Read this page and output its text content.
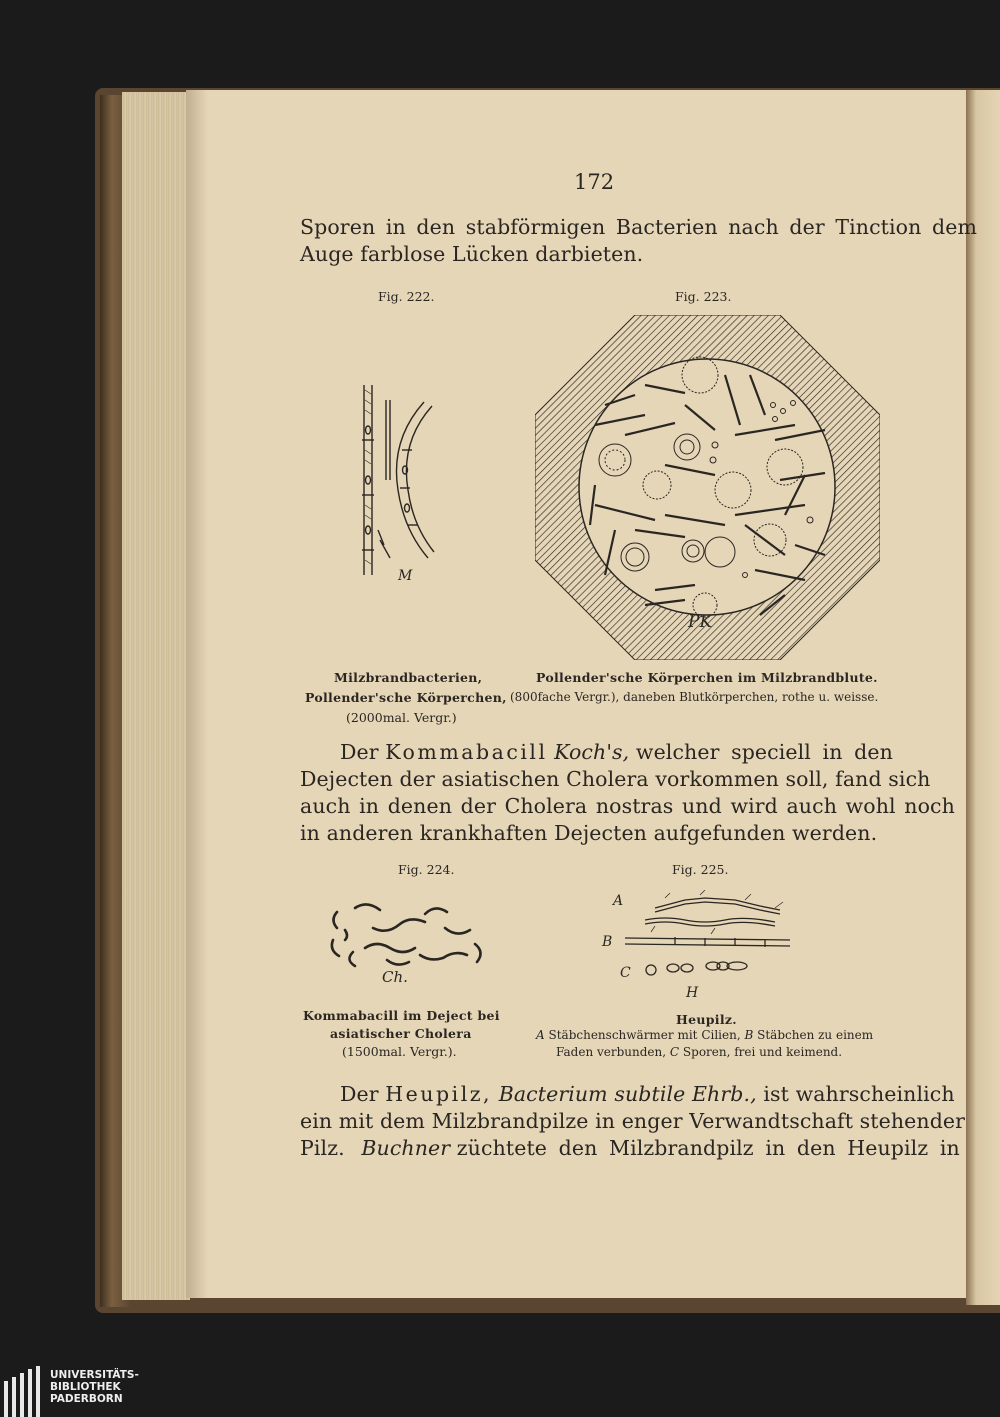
172
Sporen in den stabförmigen Bacterien nach der Tinction dem
Auge farblose Lücken darbieten.
Fig. 222.	Fig. 223.
M
PK
Milzbrandbacterien,
Pollender'sche Körperchen,
(2000mal. Vergr.)
Pollender'sche Körperchen im Milzbrandblute.
(800fache Vergr.), daneben Blutkörperchen, rothe u. weisse.
Der Kommabacill Koch's, welcher speciell in den
Dejecten der asiatischen Cholera vorkommen soll, fand sich
auch in denen der Cholera nostras und wird auch wohl noch
in anderen krankhaften Dejecten aufgefunden werden.
Fig. 224.	Fig. 225.
Ch.
A
B
C
H
Kommabacill im Deject bei
asiatischer Cholera
(1500mal. Vergr.).
Heupilz.
A Stäbchenschwärmer mit Cilien, B Stäbchen zu einem
Faden verbunden, C Sporen, frei und keimend.
Der Heupilz, Bacterium subtile Ehrb., ist wahrscheinlich
ein mit dem Milzbrandpilze in enger Verwandtschaft stehender
Pilz. Buchner züchtete den Milzbrandpilz in den Heupilz in
UNIVERSITÄTS-
BIBLIOTHEK
PADERBORN
